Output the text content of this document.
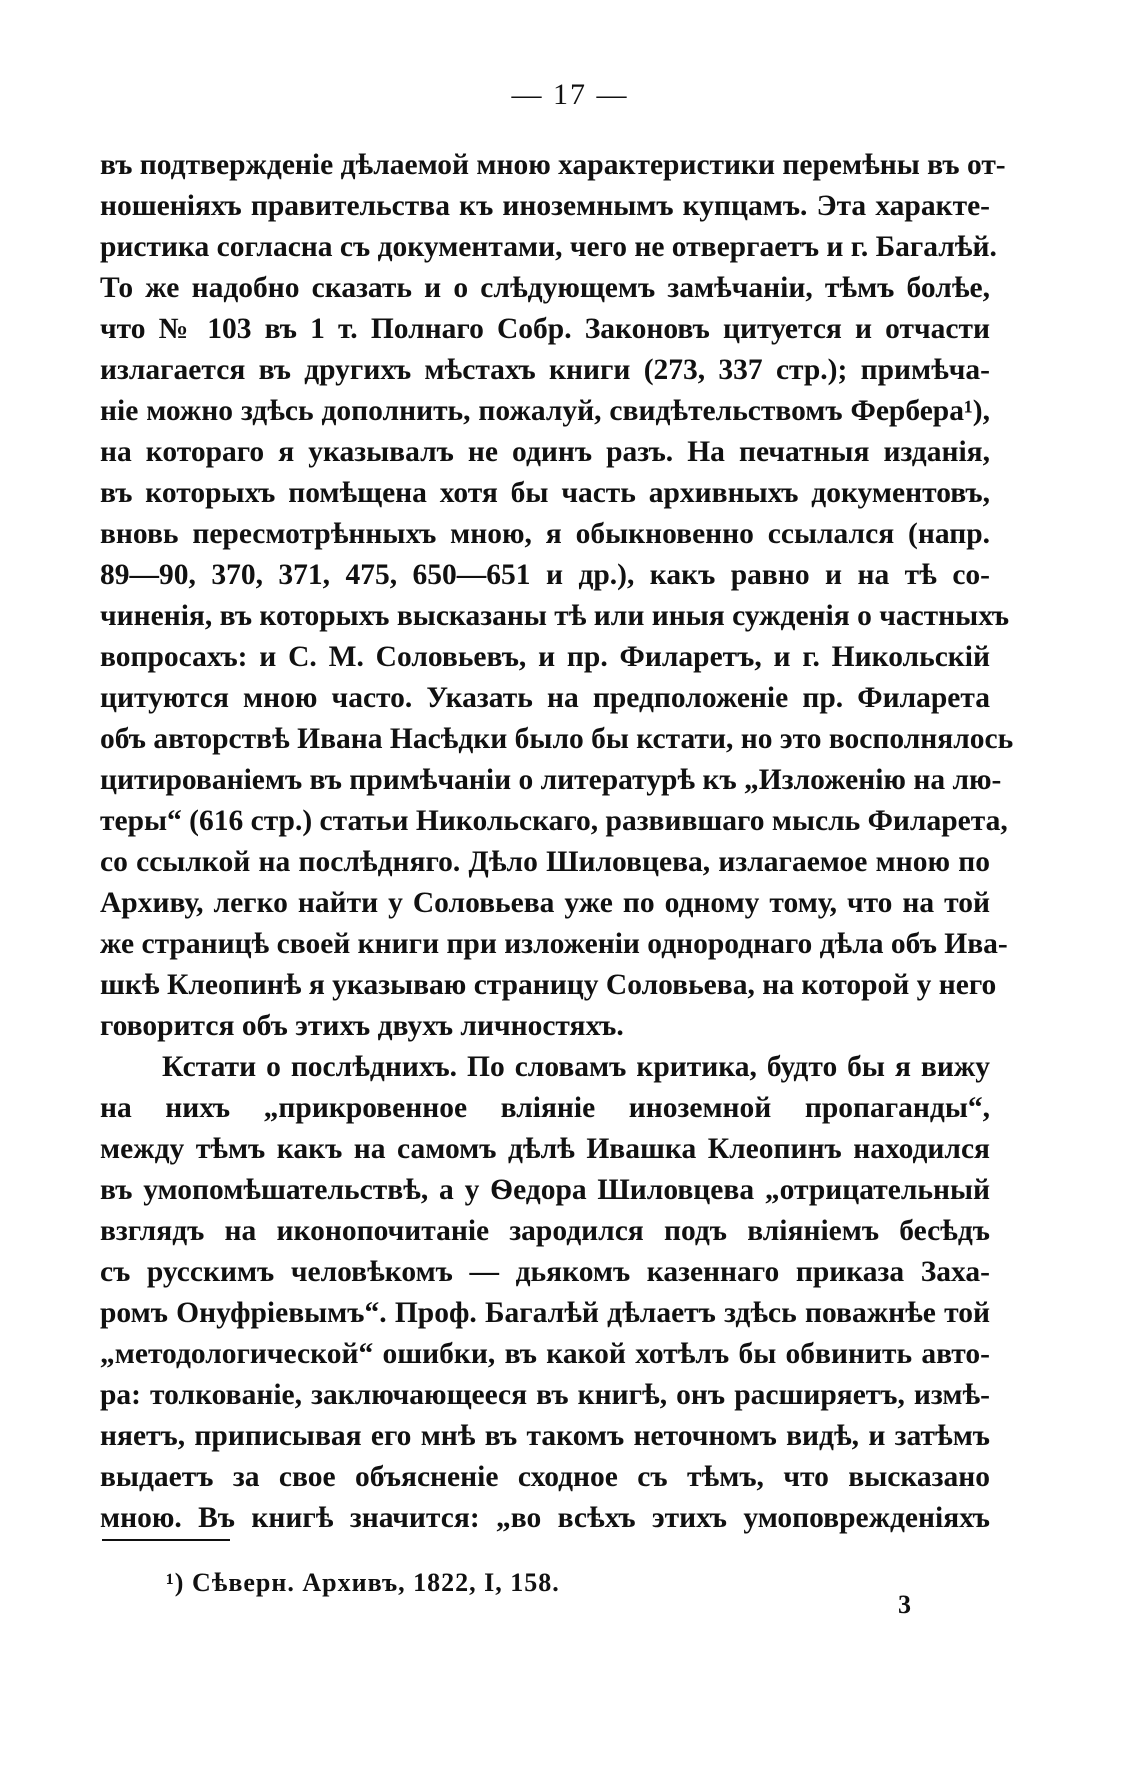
— 17 —
въ подтвержденіе дѣлаемой мною характеристики перемѣны въ от-
ношеніяхъ правительства къ иноземнымъ купцамъ. Эта характе-
ристика согласна съ документами, чего не отвергаетъ и г. Багалѣй.
То же надобно сказать и о слѣдующемъ замѣчаніи, тѣмъ болѣе,
что № 103 въ 1 т. Полнаго Собр. Законовъ цитуется и отчасти
излагается въ другихъ мѣстахъ книги (273, 337 стр.); примѣча-
ніе можно здѣсь дополнить, пожалуй, свидѣтельствомъ Фербера¹),
на котораго я указывалъ не одинъ разъ. На печатныя изданія,
въ которыхъ помѣщена хотя бы часть архивныхъ документовъ,
вновь пересмотрѣнныхъ мною, я обыкновенно ссылался (напр.
89—90, 370, 371, 475, 650—651 и др.), какъ равно и на тѣ со-
чиненія, въ которыхъ высказаны тѣ или иныя сужденія о частныхъ
вопросахъ: и С. М. Соловьевъ, и пр. Филаретъ, и г. Никольскій
цитуются мною часто. Указать на предположеніе пр. Филарета
объ авторствѣ Ивана Насѣдки было бы кстати, но это восполнялось
цитированіемъ въ примѣчаніи о литературѣ къ „Изложенію на лю-
теры“ (616 стр.) статьи Никольскаго, развившаго мысль Филарета,
со ссылкой на послѣдняго. Дѣло Шиловцева, излагаемое мною по
Архиву, легко найти у Соловьева уже по одному тому, что на той
же страницѣ своей книги при изложеніи однороднаго дѣла объ Ива-
шкѣ Клеопинѣ я указываю страницу Соловьева, на которой у него
говорится объ этихъ двухъ личностяхъ.
Кстати о послѣднихъ. По словамъ критика, будто бы я вижу
на нихъ „прикровенное вліяніе иноземной пропаганды“,
между тѣмъ какъ на самомъ дѣлѣ Ивашка Клеопинъ находился
въ умопомѣшательствѣ, а у Ѳедора Шиловцева „отрицательный
взглядъ на иконопочитаніе зародился подъ вліяніемъ бесѣдъ
съ русскимъ человѣкомъ — дьякомъ казеннаго приказа Заха-
ромъ Онуфріевымъ“. Проф. Багалѣй дѣлаетъ здѣсь поважнѣе той
„методологической“ ошибки, въ какой хотѣлъ бы обвинить авто-
ра: толкованіе, заключающееся въ книгѣ, онъ расширяетъ, измѣ-
няетъ, приписывая его мнѣ въ такомъ неточномъ видѣ, и затѣмъ
выдаетъ за свое объясненіе сходное съ тѣмъ, что высказано
мною. Въ книгѣ значится: „во всѣхъ этихъ умоповрежденіяхъ
¹) Сѣверн. Архивъ, 1822, I, 158.
3
